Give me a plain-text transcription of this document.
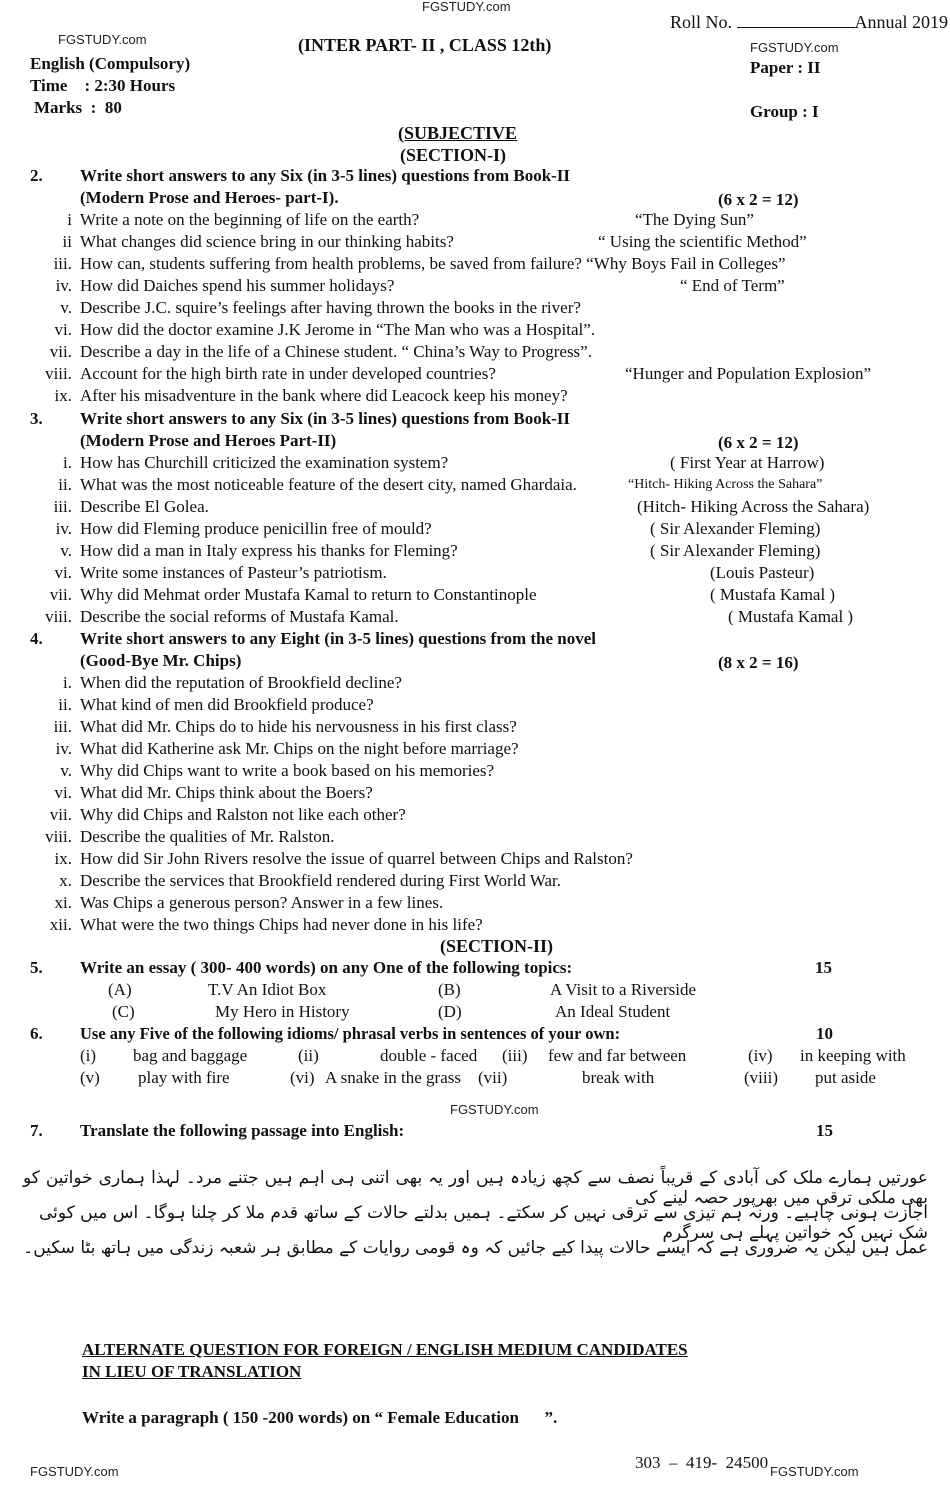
FGSTUDY.com
Roll No.	Annual 2019
FGSTUDY.com	(INTER PART- II , CLASS 12th)	FGSTUDY.com
English (Compulsory)	Paper : II
Time    : 2:30 Hours
Marks  :  80	Group : I
(SUBJECTIVE
(SECTION-I)
2. Write short answers to any Six (in 3-5 lines) questions from Book-II
(Modern Prose and Heroes- part-I).	(6 x 2 = 12)
i Write a note on the beginning of life on the earth?	“The Dying Sun”
ii What changes did science bring in our thinking habits?	“ Using the scientific Method”
iii. How can, students suffering from health problems, be saved from failure? “Why Boys Fail in Colleges”
iv. How did Daiches spend his summer holidays?	“ End of Term”
v. Describe J.C. squire’s feelings after having thrown the books in the river?
vi. How did the doctor examine J.K Jerome in “The Man who was a Hospital”.
vii. Describe a day in the life of a Chinese student. “ China’s Way to Progress”.
viii. Account for the high birth rate in under developed countries?	“Hunger and Population Explosion”
ix. After his misadventure in the bank where did Leacock keep his money?
3. Write short answers to any Six (in 3-5 lines) questions from Book-II
(Modern Prose and Heroes Part-II)	(6 x 2 = 12)
i. How has Churchill criticized the examination system?	( First Year at Harrow)
ii. What was the most noticeable feature of the desert city, named Ghardaia.	“Hitch- Hiking Across the Sahara”
iii. Describe El Golea.	(Hitch- Hiking Across the Sahara)
iv. How did Fleming produce penicillin free of mould?	( Sir Alexander Fleming)
v. How did a man in Italy express his thanks for Fleming?	( Sir Alexander Fleming)
vi. Write some instances of Pasteur’s patriotism.	(Louis Pasteur)
vii. Why did Mehmat order Mustafa Kamal to return to Constantinople	( Mustafa Kamal )
viii. Describe the social reforms of Mustafa Kamal.	( Mustafa Kamal )
4. Write short answers to any Eight (in 3-5 lines) questions from the novel
(Good-Bye Mr. Chips)	(8 x 2 = 16)
i. When did the reputation of Brookfield decline?
ii. What kind of men did Brookfield produce?
iii. What did Mr. Chips do to hide his nervousness in his first class?
iv. What did Katherine ask Mr. Chips on the night before marriage?
v. Why did Chips want to write a book based on his memories?
vi. What did Mr. Chips think about the Boers?
vii. Why did Chips and Ralston not like each other?
viii. Describe the qualities of Mr. Ralston.
ix. How did Sir John Rivers resolve the issue of quarrel between Chips and Ralston?
x. Describe the services that Brookfield rendered during First World War.
xi. Was Chips a generous person? Answer in a few lines.
xii. What were the two things Chips had never done in his life?
(SECTION-II)
5. Write an essay ( 300- 400 words) on any One of the following topics:	15
(A)	T.V An Idiot Box	(B)	A Visit to a Riverside
(C)	My Hero in History	(D)	An Ideal Student
6. Use any Five of the following idioms/ phrasal verbs in sentences of your own:	10
(i) bag and baggage	(ii)	double - faced (iii) few and far between	(iv) in keeping with
(v) play with fire	(vi) A snake in the grass (vii)	break with	(viii) put aside
FGSTUDY.com
7. Translate the following passage into English:	15
عورتیں ہمارے ملک کی آبادی کے قریباً نصف سے کچھ زیادہ ہیں اور یہ بھی اتنی ہی اہم ہیں جتنے مرد۔ لہذا ہماری خواتین کو بھی ملکی ترقی میں بھرپور حصہ لینے کی
اجازت ہونی چاہیے۔ ورنہ ہم تیزی سے ترقی نہیں کر سکتے۔ ہمیں بدلتے حالات کے ساتھ قدم ملا کر چلنا ہوگا۔ اس میں کوئی شک نہیں کہ خواتین پہلے ہی سرگرم
عمل ہیں لیکن یہ ضروری ہے کہ ایسے حالات پیدا کیے جائیں کہ وہ قومی روایات کے مطابق ہر شعبہ زندگی میں ہاتھ بٹا سکیں۔
ALTERNATE QUESTION FOR FOREIGN / ENGLISH MEDIUM CANDIDATES
IN LIEU OF TRANSLATION
Write a paragraph ( 150 -200 words) on “ Female Education ”.
FGSTUDY.com	303  –  419-  24500 FGSTUDY.com
